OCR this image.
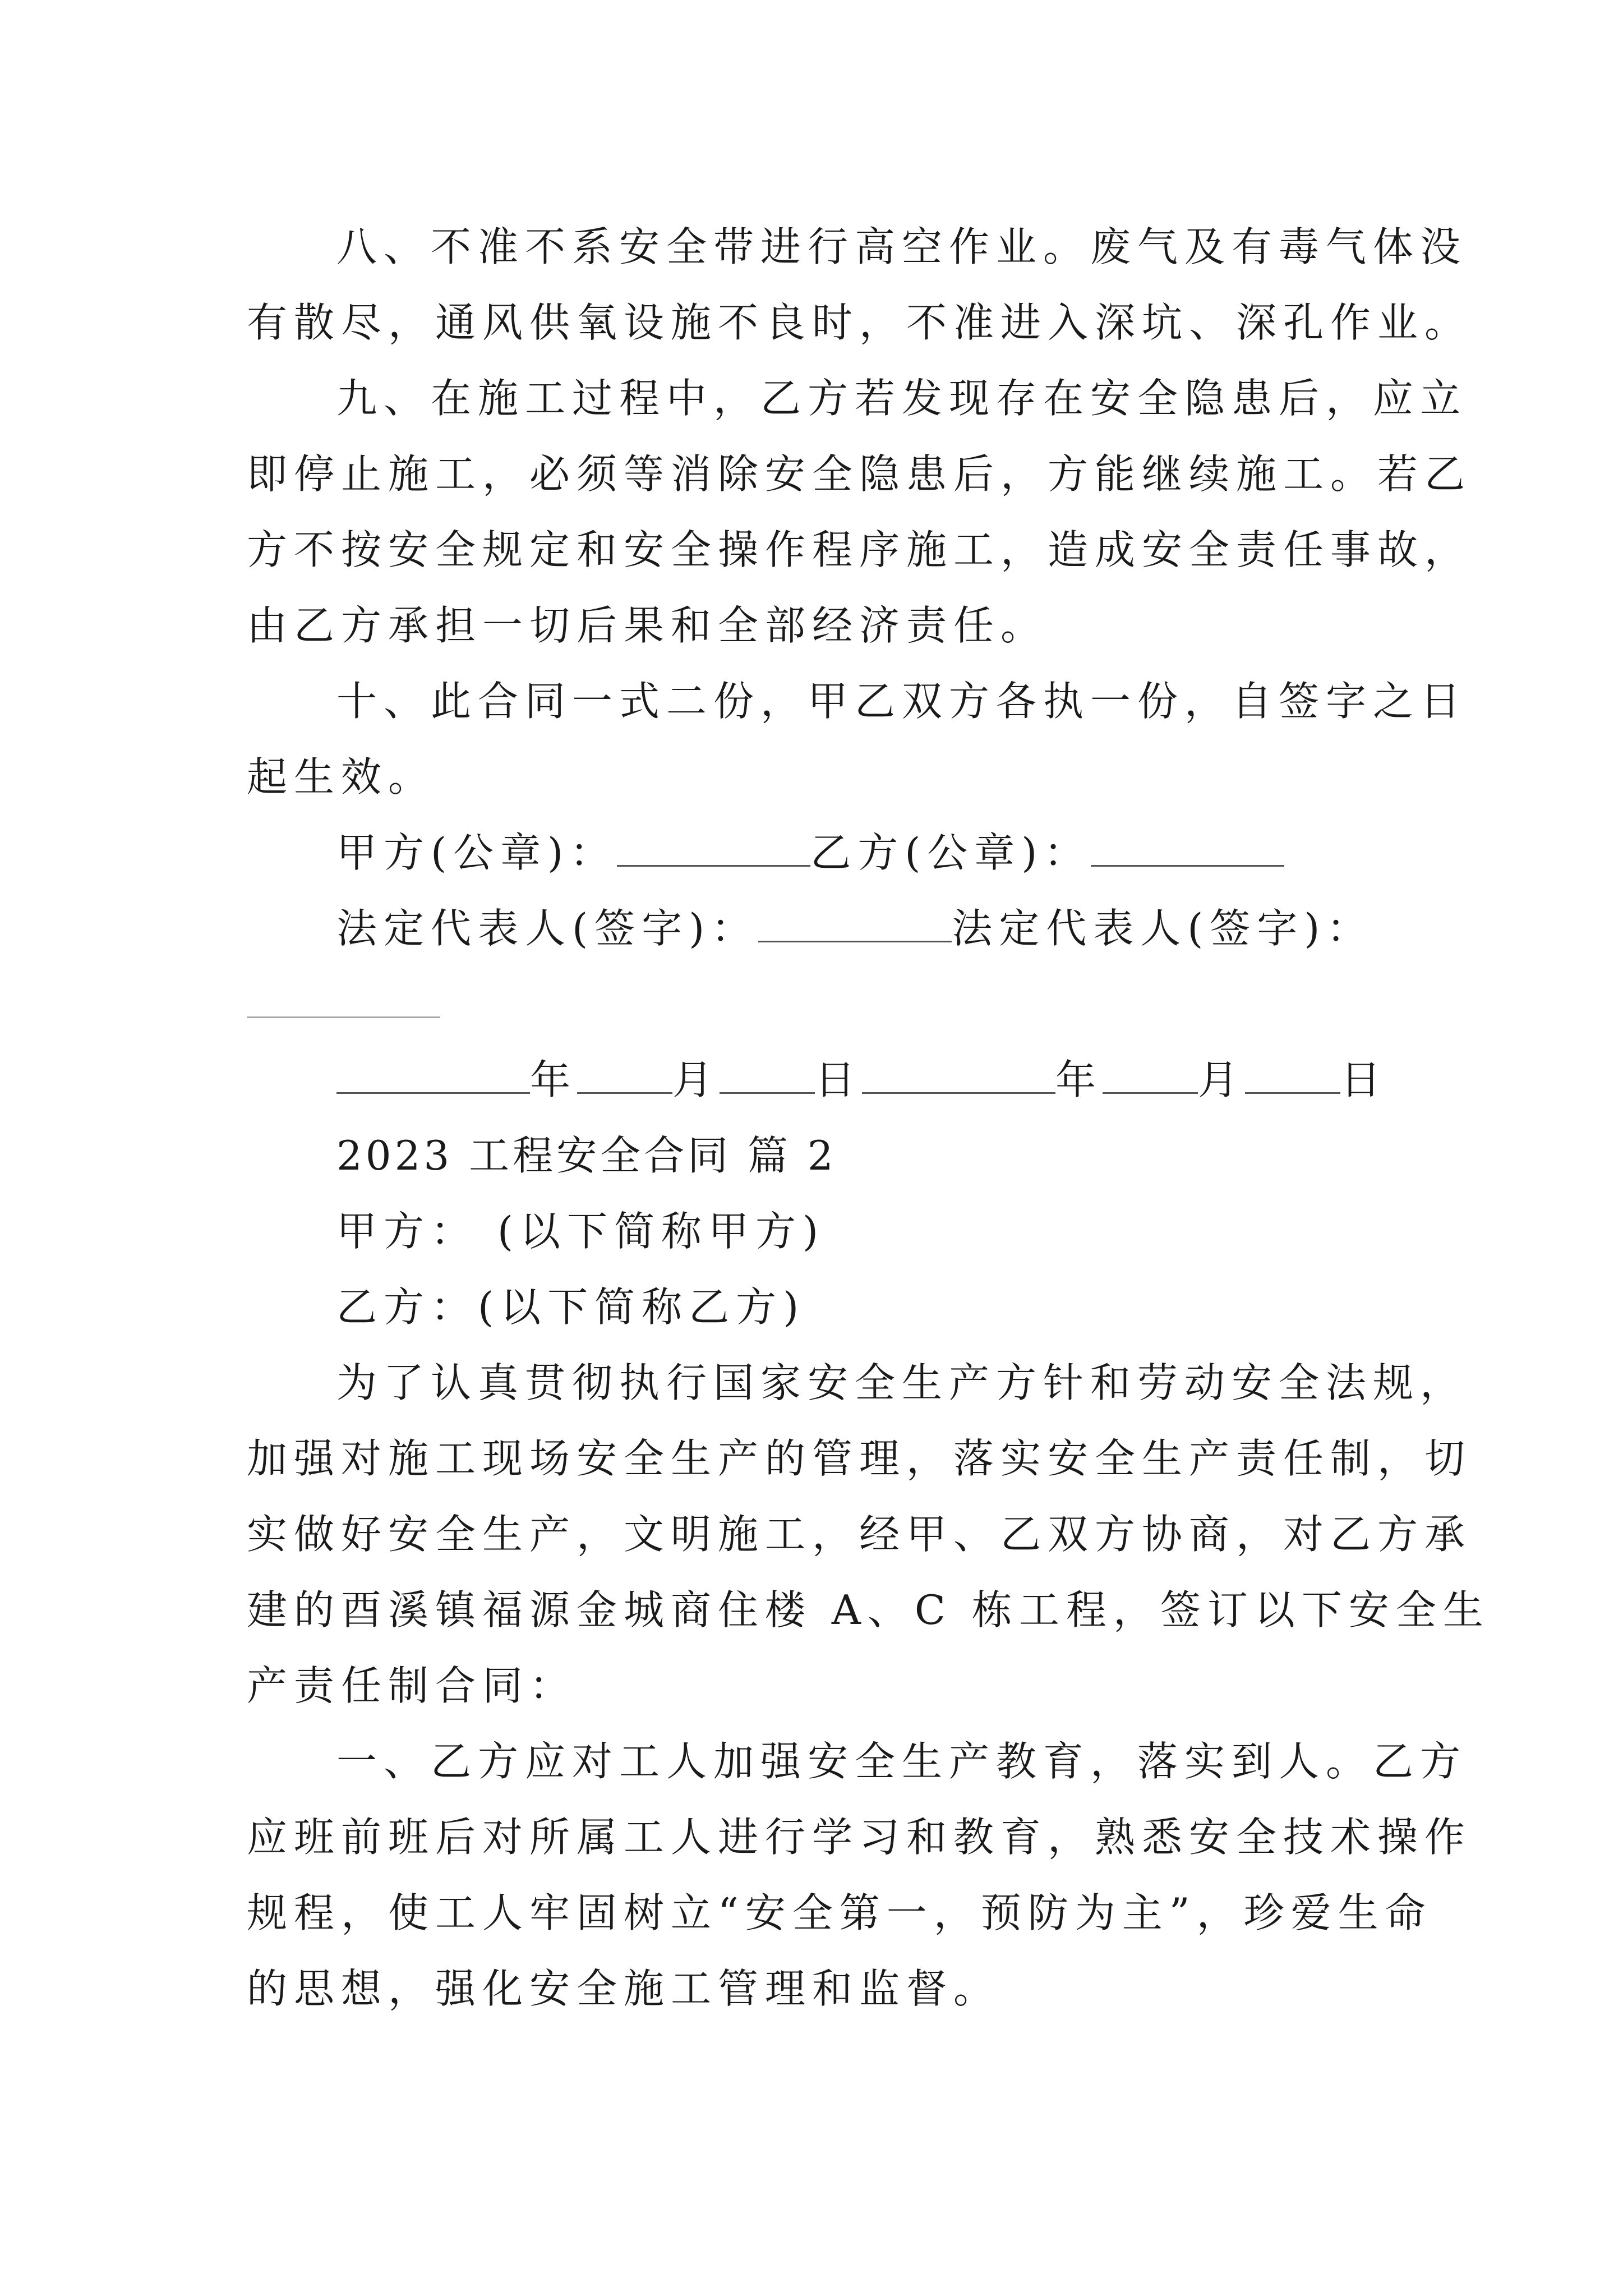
八、不准不系安全带进行高空作业。废气及有毒气体没
有散尽，通风供氧设施不良时，不准进入深坑、深孔作业。
九、在施工过程中，乙方若发现存在安全隐患后，应立
即停止施工，必须等消除安全隐患后，方能继续施工。若乙
方不按安全规定和安全操作程序施工，造成安全责任事故，
由乙方承担一切后果和全部经济责任。
十、此合同一式二份，甲乙双方各执一份，自签字之日
起生效。
甲方(公章)：	乙方(公章)：
法定代表人(签字)：	法定代表人(签字)：
年 月 日	年 月 日
2023 工程安全合同 篇 2
甲方： (以下简称甲方)
乙方：(以下简称乙方)
为了认真贯彻执行国家安全生产方针和劳动安全法规，
加强对施工现场安全生产的管理，落实安全生产责任制，切
实做好安全生产，文明施工，经甲、乙双方协商，对乙方承
建的酉溪镇福源金城商住楼 A、C 栋工程，签订以下安全生
产责任制合同：
一、乙方应对工人加强安全生产教育，落实到人。乙方
应班前班后对所属工人进行学习和教育，熟悉安全技术操作
规程，使工人牢固树立“安全第一，预防为主”，珍爱生命
的思想，强化安全施工管理和监督。
